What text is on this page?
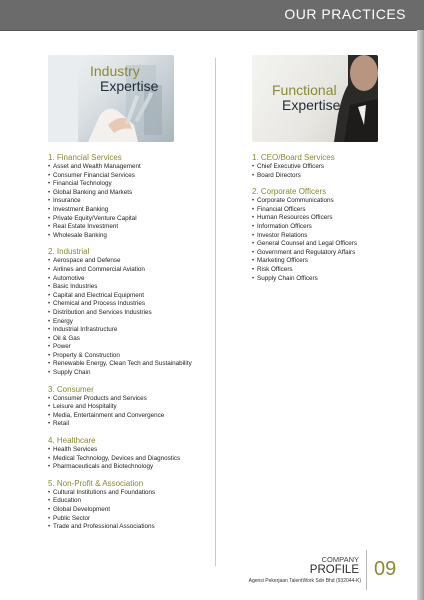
OUR PRACTICES
Industry
Expertise	Functional
Expertise

1. Financial Services

• Asset and Wealth Management
• Consumer Financial Services
• Financial Technology
• Global Banking and Markets
• Insurance
• Investment Banking
• Private Equity/Venture Capital
• Real Estate Investment
• Wholesale Banking

2. Industrial

• Aerospace and Defense
• Airlines and Commercial Aviation
• Automotive
• Basic Industries
• Capital and Electrical Equipment
• Chemical and Process Industries
• Distribution and Services Industries
• Energy
• Industrial Infrastructure
• Oil & Gas
• Power
• Property & Construction
• Renewable Energy, Clean Tech and Sustainability
• Supply Chain

3. Consumer

• Consumer Products and Services
• Leisure and Hospitality
• Media, Entertainment and Convergence
• Retail

4. Healthcare

• Health Services
• Medical Technology, Devices and Diagnostics
• Pharmaceuticals and Biotechnology

5. Non-Profit & Association

• Cultural Institutions and Foundations
• Education
• Global Development
• Public Sector
• Trade and Professional Associations

1. CEO/Board Services

• Chief Executive Officers
• Board Directors

2. Corporate Officers

• Corporate Communications
• Financial Officers
• Human Resources Officers
• Information Officers
• Investor Relations
• General Counsel and Legal Officers
• Government and Regulatory Affairs
• Marketing Officers
• Risk Officers
• Supply Chain Officers
COMPANY
PROFILE 09
Agensi Pekerjaan TalentWork Sdn Bhd (932044-K)
